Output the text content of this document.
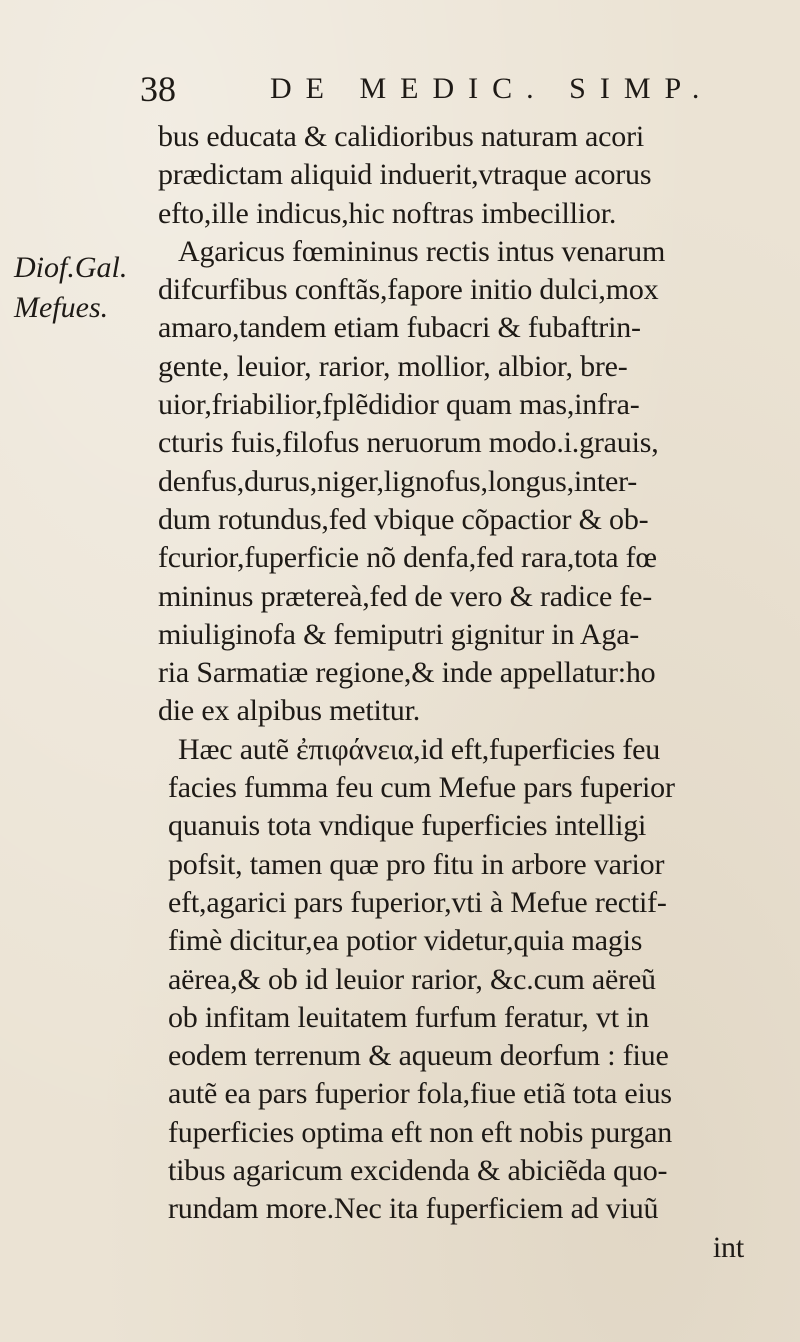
38	DE MEDIC. SIMP.
Diof.Gal.
Mefues.
bus educata & calidioribus naturam acori
prædictam aliquid induerit,vtraque acorus
efto,ille indicus,hic noftras imbecillior.
Agaricus fœmininus rectis intus venarum
difcurfibus conftãs,fapore initio dulci,mox
amaro,tandem etiam fubacri & fubaftrin-
gente, leuior, rarior, mollior, albior, bre-
uior,friabilior,fplẽdidior quam mas,infra-
cturis fuis,filofus neruorum modo.i.grauis,
denfus,durus,niger,lignofus,longus,inter-
dum rotundus,fed vbique cõpactior & ob-
fcurior,fuperficie nõ denfa,fed rara,tota fœ
mininus prætereà,fed de vero & radice fe-
miuliginofa & femiputri gignitur in Aga-
ria Sarmatiæ regione,& inde appellatur:ho
die ex alpibus metitur.
Hæc autẽ ἐπιφάνεια,id eft,fuperficies feu
facies fumma feu cum Mefue pars fuperior
quanuis tota vndique fuperficies intelligi
pofsit, tamen quæ pro fitu in arbore varior
eft,agarici pars fuperior,vti à Mefue rectif-
fimè dicitur,ea potior videtur,quia magis
aërea,& ob id leuior rarior, &c.cum aëreũ
ob infitam leuitatem furfum feratur, vt in
eodem terrenum & aqueum deorfum : fiue
autẽ ea pars fuperior fola,fiue etiã tota eius
fuperficies optima eft non eft nobis purgan
tibus agaricum excidenda & abiciẽda quo-
rundam more.Nec ita fuperficiem ad viuũ
int
